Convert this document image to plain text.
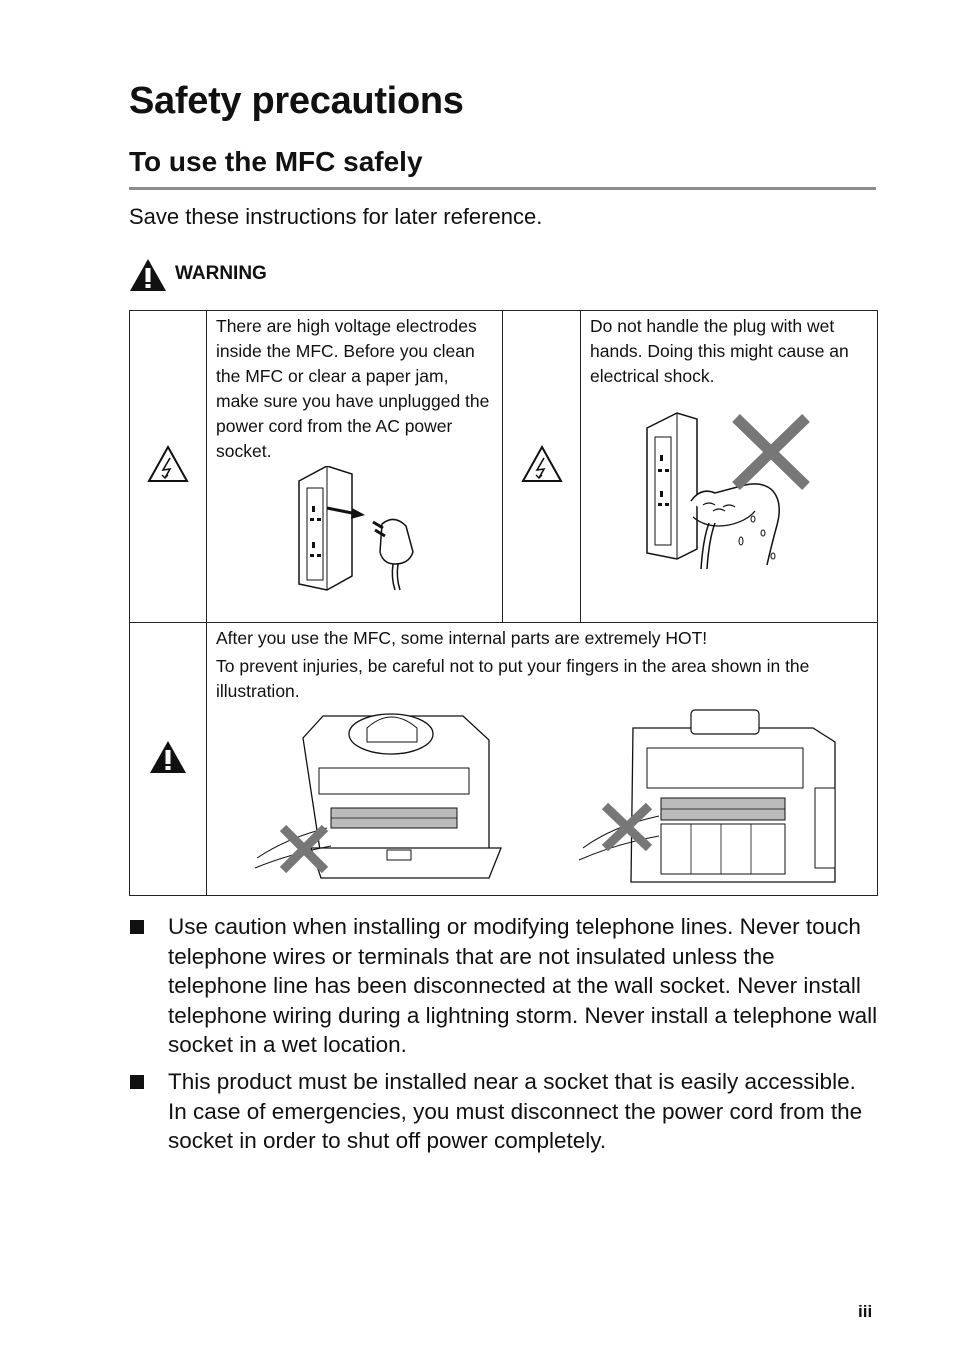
Safety precautions
To use the MFC safely
Save these instructions for later reference.
WARNING

There are high voltage electrodes inside the MFC. Before you clean the MFC or clear a paper jam, make sure you have unplugged the power cord from the AC power socket.		Do not handle the plug with wet hands. Doing this might cause an electrical shock.

After you use the MFC, some internal parts are extremely HOT!
To prevent injuries, be careful not to put your fingers in the area shown in the illustration.		
Use caution when installing or modifying telephone lines. Never touch telephone wires or terminals that are not insulated unless the telephone line has been disconnected at the wall socket. Never install telephone wiring during a lightning storm. Never install a telephone wall socket in a wet location.
This product must be installed near a socket that is easily accessible. In case of emergencies, you must disconnect the power cord from the socket in order to shut off power completely.
iii
